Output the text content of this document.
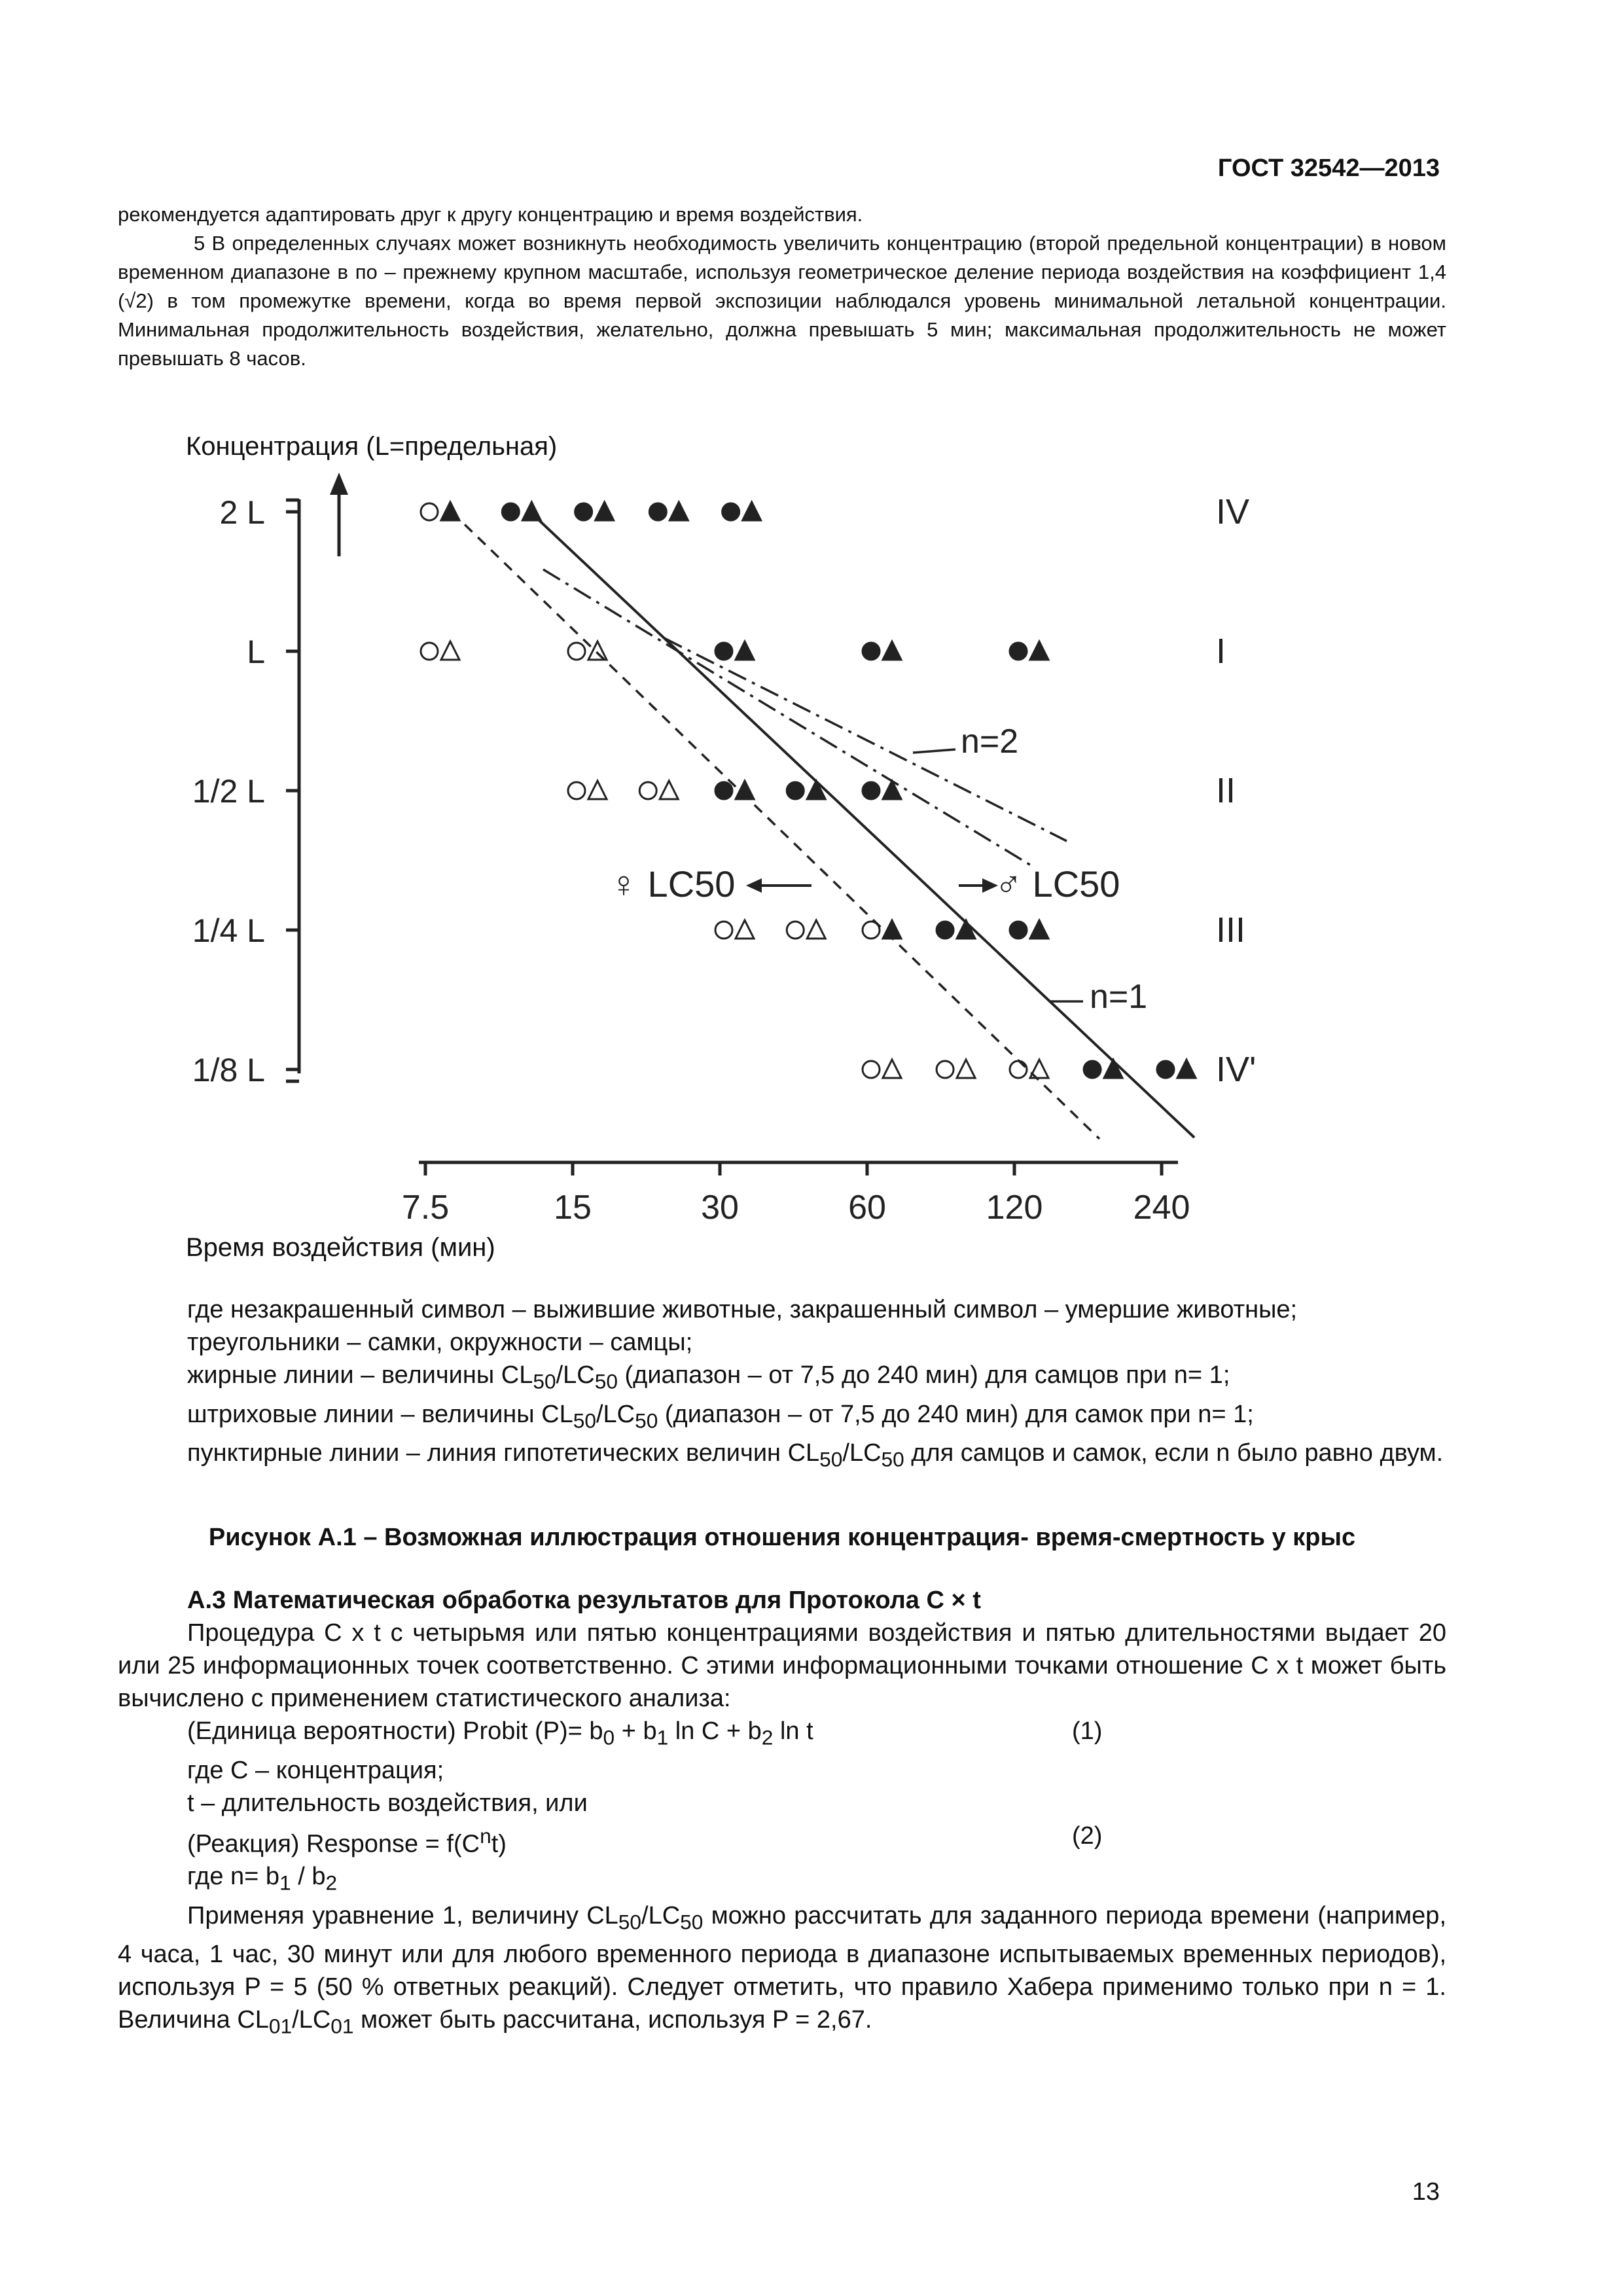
ГОСТ 32542—2013
рекомендуется адаптировать друг к другу концентрацию и время воздействия.
5 В определенных случаях может возникнуть необходимость увеличить концентрацию (второй предельной концентрации) в новом временном диапазоне в по – прежнему крупном масштабе, используя геометрическое деление периода воздействия на коэффициент 1,4 (√2) в том промежутке времени, когда во время первой экспозиции наблюдался уровень минимальной летальной концентрации. Минимальная продолжительность воздействия, желательно, должна превышать 5 мин; максимальная продолжительность не может превышать 8 часов.
Концентрация (L=предельная)
n=2
n=1
♀ LC50	♂ LC50
2 L
L
1/2 L
1/4 L
1/8 L
7.5	15	30	60	120	240
IV
I
II
III
IV'
Время воздействия (мин)
где незакрашенный символ – выжившие животные, закрашенный символ – умершие животные;
треугольники – самки, окружности – самцы;
жирные линии – величины $CL_{50}/LC_{50}$ (диапазон – от 7,5 до 240 мин) для самцов при n= 1;
штриховые линии – величины $CL_{50}/LC_{50}$ (диапазон – от 7,5 до 240 мин) для самок при n= 1;
пунктирные линии – линия гипотетических величин $CL_{50}/LC_{50}$ для самцов и самок, если n было равно двум.
Рисунок А.1 – Возможная иллюстрация отношения концентрация- время-смертность у крыс
А.3 Математическая обработка результатов для Протокола С × t
Процедура C x t с четырьмя или пятью концентрациями воздействия и пятью длительностями выдает 20 или 25 информационных точек соответственно. С этими информационными точками отношение C x t может быть вычислено с применением статистического анализа:
(Единица вероятности) Probit $(P)= b_0 + b_1$ $\ln C + b_2$ ln t	(1)
где C – концентрация;
t – длительность воздействия, или
(Реакция) Response = $f(C^nt)$	(2)
где $n= b_1 / b_2$
Применяя уравнение 1, величину $CL_{50}/LC_{50}$ можно рассчитать для заданного периода времени (например, 4 часа, 1 час, 30 минут или для любого временного периода в диапазоне испытываемых временных периодов), используя P = 5 (50 % ответных реакций). Следует отметить, что правило Хабера применимо только при n = 1. Величина $CL_{01}/LC_{01}$ может быть рассчитана, используя P = 2,67.
13
